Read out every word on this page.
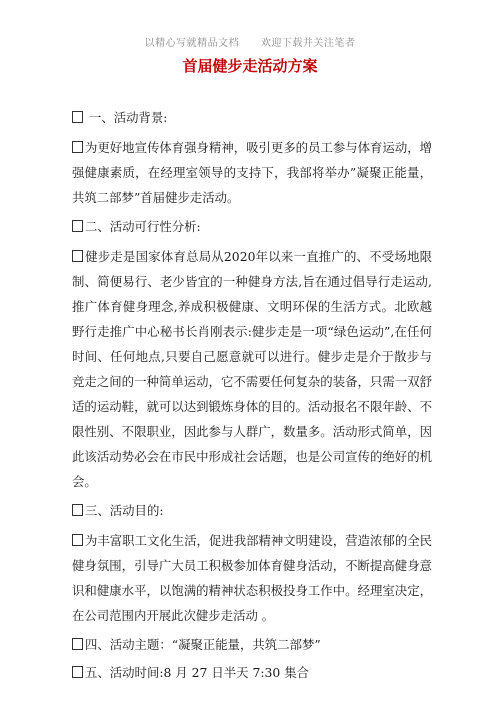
以精心写就精品文档 欢迎下载并关注笔者
首届健步走活动方案

一、活动背景:

为更好地宣传体育强身精神，吸引更多的员工参与体育运动，增强健康素质，在经理室领导的支持下，我部将举办”凝聚正能量，共筑二部梦”首届健步走活动。

二、活动可行性分析:

健步走是国家体育总局从2020年以来一直推广的、不受场地限制、简便易行、老少皆宜的一种健身方法,旨在通过倡导行走运动,推广体育健身理念,养成积极健康、文明环保的生活方式。北欧越野行走推广中心秘书长肖刚表示:健步走是一项“绿色运动”,在任何时间、任何地点,只要自己愿意就可以进行。健步走是介于散步与竞走之间的一种简单运动，它不需要任何复杂的装备，只需一双舒适的运动鞋，就可以达到锻炼身体的目的。活动报名不限年龄、不限性别、不限职业，因此参与人群广，数量多。活动形式简单，因此该活动势必会在市民中形成社会话题，也是公司宣传的绝好的机会。

三、活动目的:

为丰富职工文化生活，促进我部精神文明建设，营造浓郁的全民健身氛围，引导广大员工积极参加体育健身活动，不断提高健身意识和健康水平，以饱满的精神状态积极投身工作中。经理室决定，在公司范围内开展此次健步走活动 。

四、活动主题：“凝聚正能量，共筑二部梦”

五、活动时间:8 月 27 日半天 7:30 集合
